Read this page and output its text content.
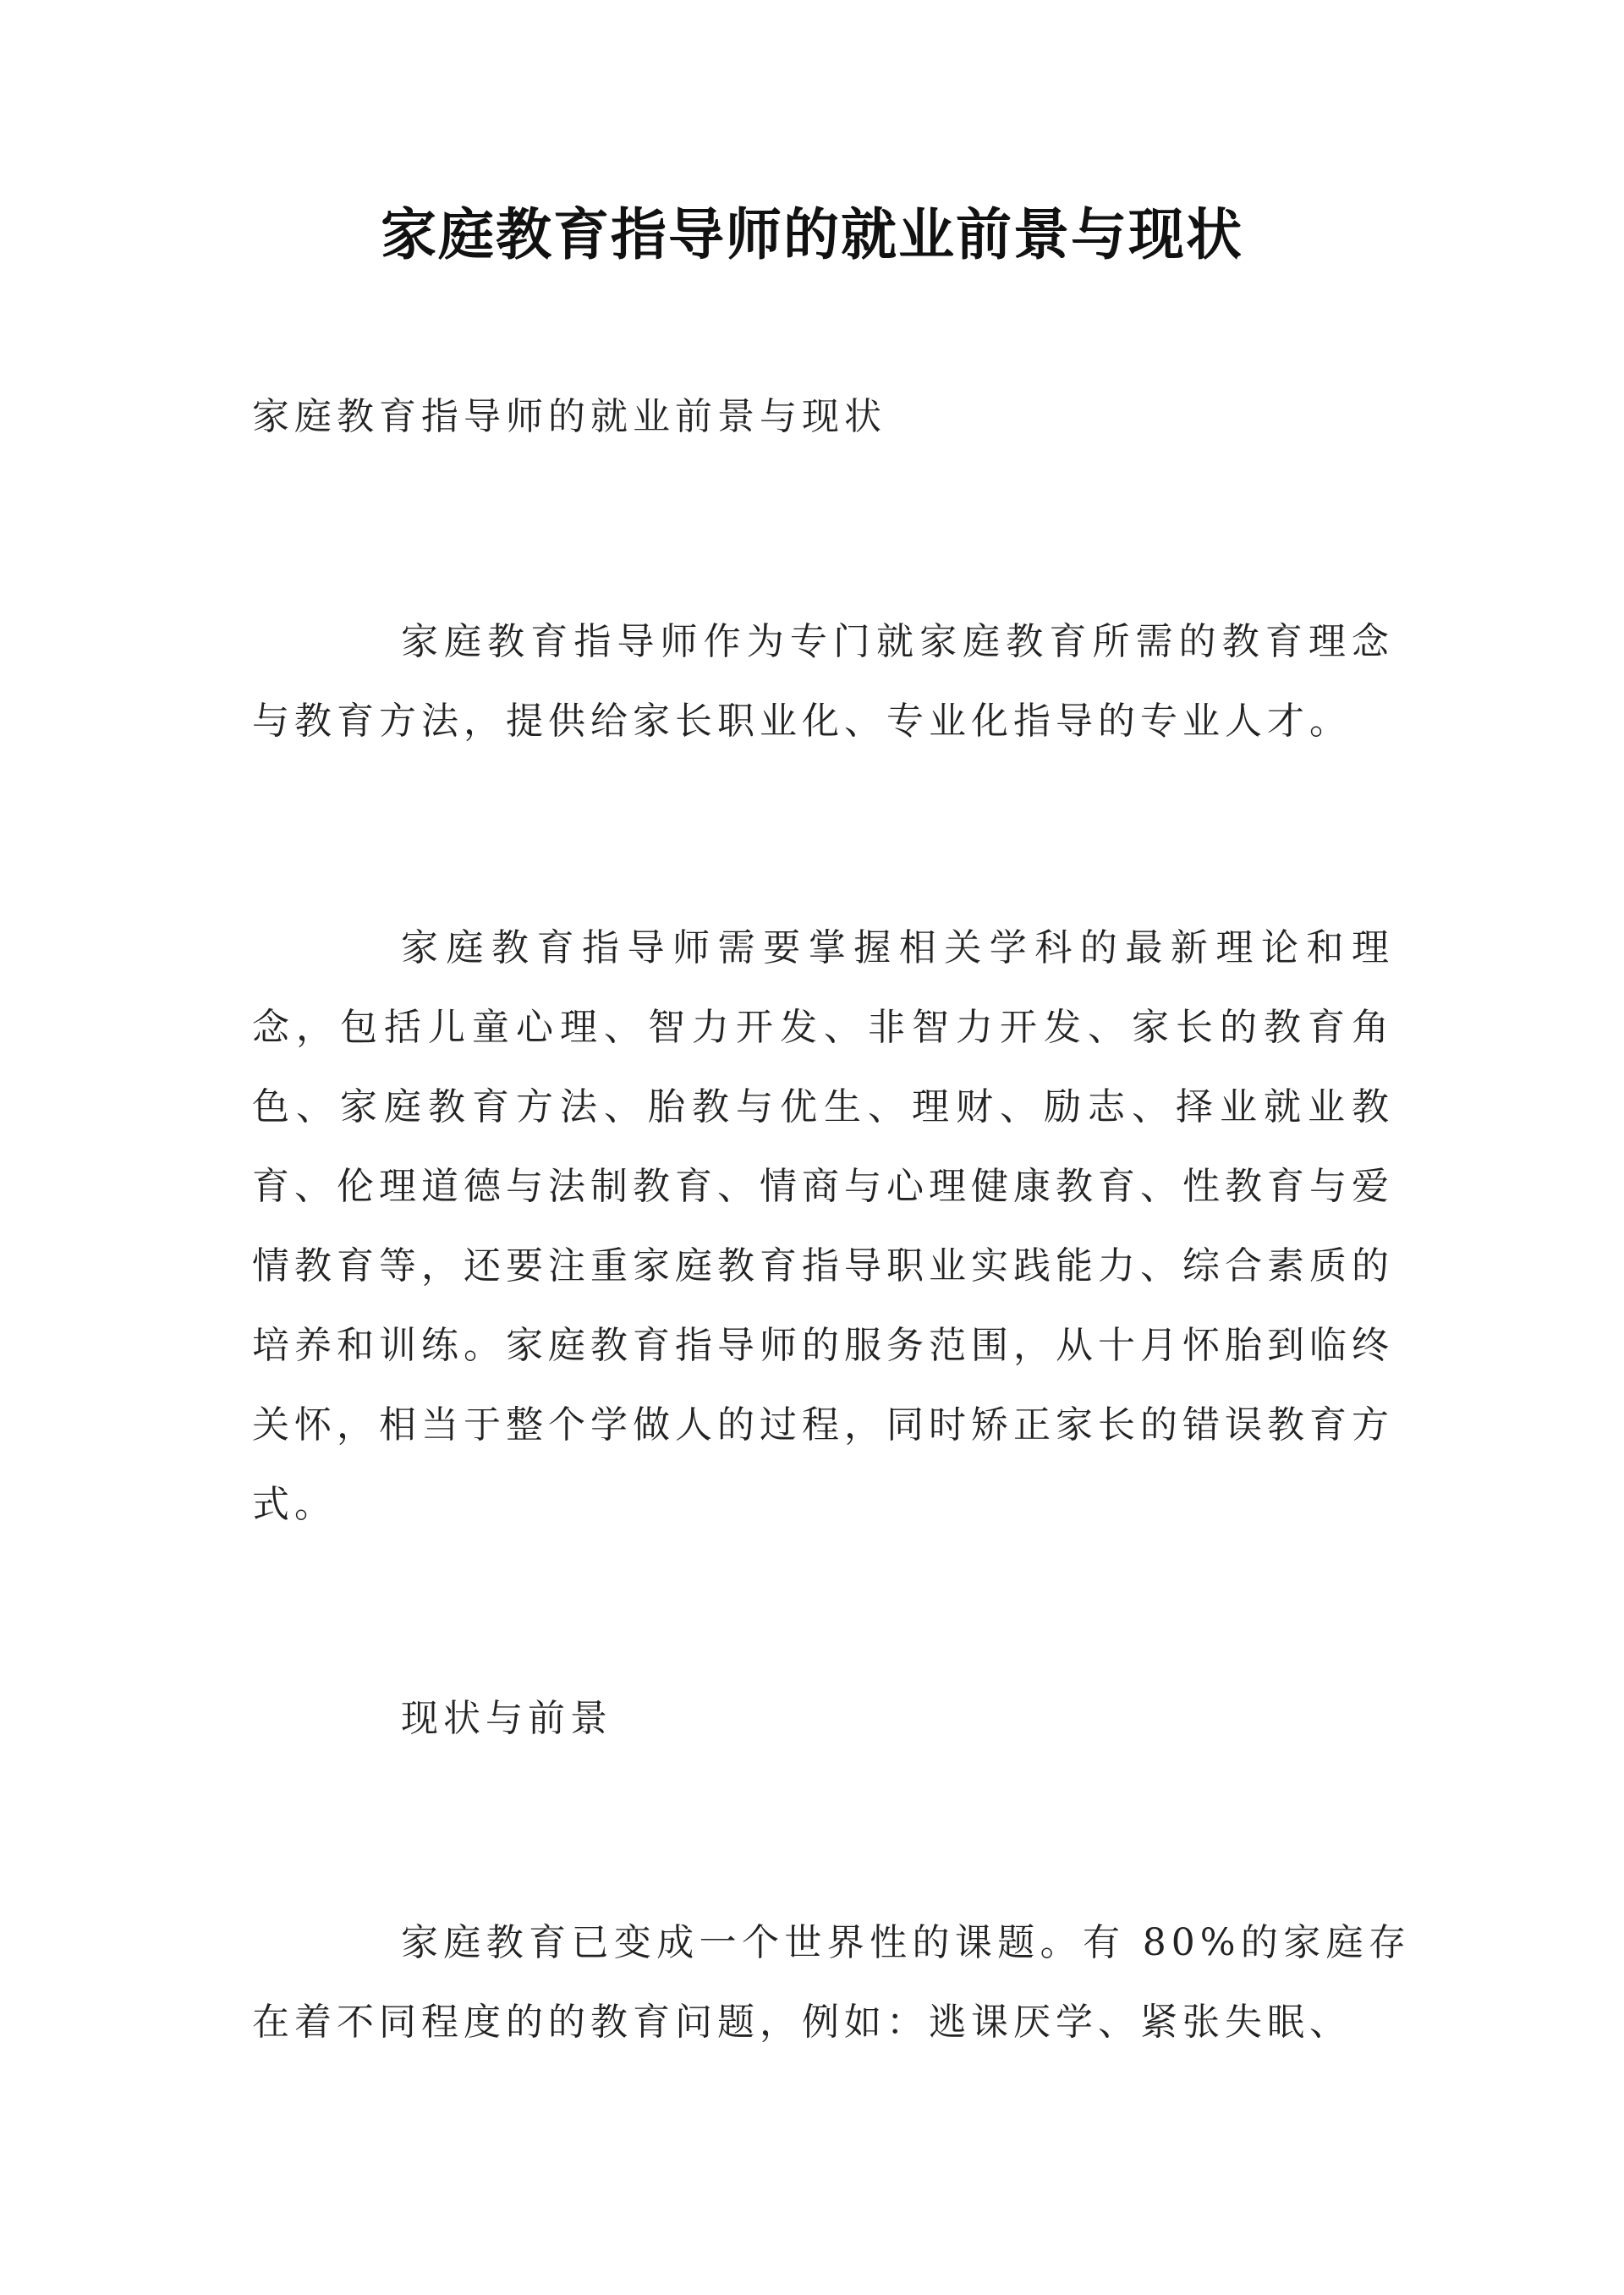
家庭教育指导师的就业前景与现状

家庭教育指导师的就业前景与现状

家庭教育指导师作为专门就家庭教育所需的教育理念与教育方法，提供给家长职业化、专业化指导的专业人才。

家庭教育指导师需要掌握相关学科的最新理论和理念，包括儿童心理、智力开发、非智力开发、家长的教育角色、家庭教育方法、胎教与优生、理财、励志、择业就业教育、伦理道德与法制教育、情商与心理健康教育、性教育与爱情教育等，还要注重家庭教育指导职业实践能力、综合素质的培养和训练。家庭教育指导师的服务范围，从十月怀胎到临终关怀，相当于整个学做人的过程，同时矫正家长的错误教育方式。

现状与前景

家庭教育已变成一个世界性的课题。有 80%的家庭存在着不同程度的的教育问题，例如：逃课厌学、紧张失眠、
